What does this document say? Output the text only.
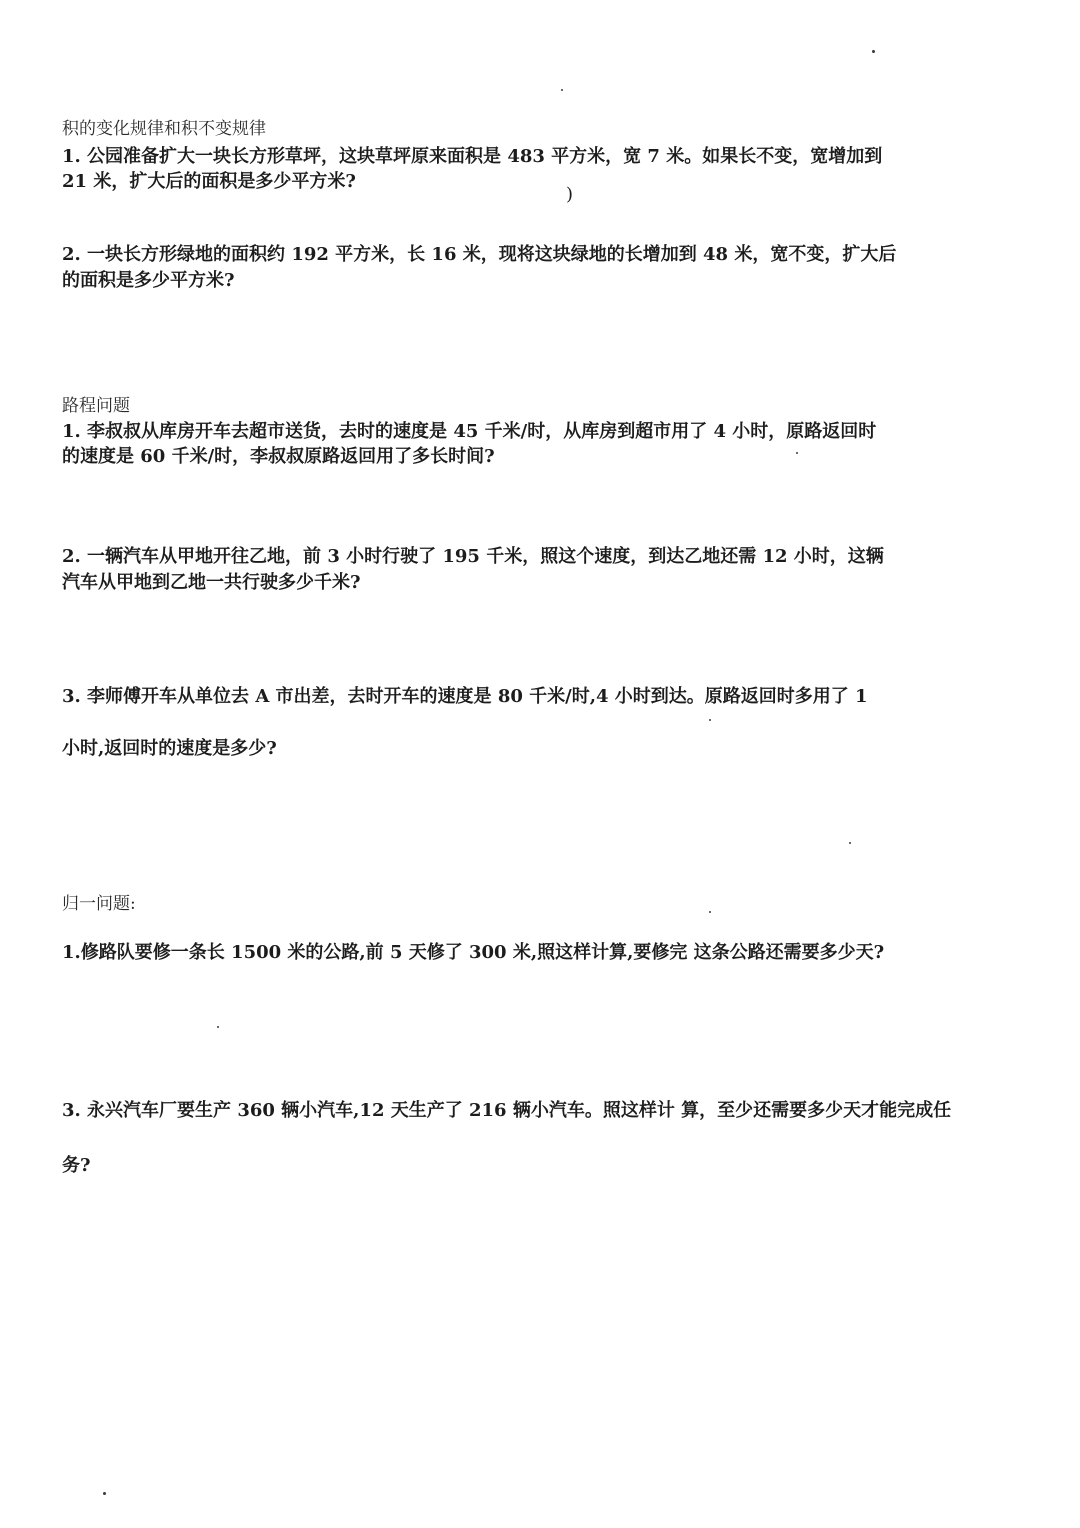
积的变化规律和积不变规律
1. 公园准备扩大一块长方形草坪，这块草坪原来面积是 483 平方米，宽 7 米。如果长不变，宽增加到
21 米，扩大后的面积是多少平方米?
)
2. 一块长方形绿地的面积约 192 平方米，长 16 米，现将这块绿地的长增加到 48 米，宽不变，扩大后
的面积是多少平方米?
路程问题
1. 李叔叔从库房开车去超市送货，去时的速度是 45 千米/时，从库房到超市用了 4 小时，原路返回时
的速度是 60 千米/时，李叔叔原路返回用了多长时间?
2. 一辆汽车从甲地开往乙地，前 3 小时行驶了 195 千米，照这个速度，到达乙地还需 12 小时，这辆
汽车从甲地到乙地一共行驶多少千米?
3. 李师傅开车从单位去 A 市出差，去时开车的速度是 80 千米/时,4 小时到达。原路返回时多用了 1
小时,返回时的速度是多少?
归一问题:
1.修路队要修一条长 1500 米的公路,前 5 天修了 300 米,照这样计算,要修完 这条公路还需要多少天?
3. 永兴汽车厂要生产 360 辆小汽车,12 天生产了 216 辆小汽车。照这样计 算，至少还需要多少天才能完成任
务?
